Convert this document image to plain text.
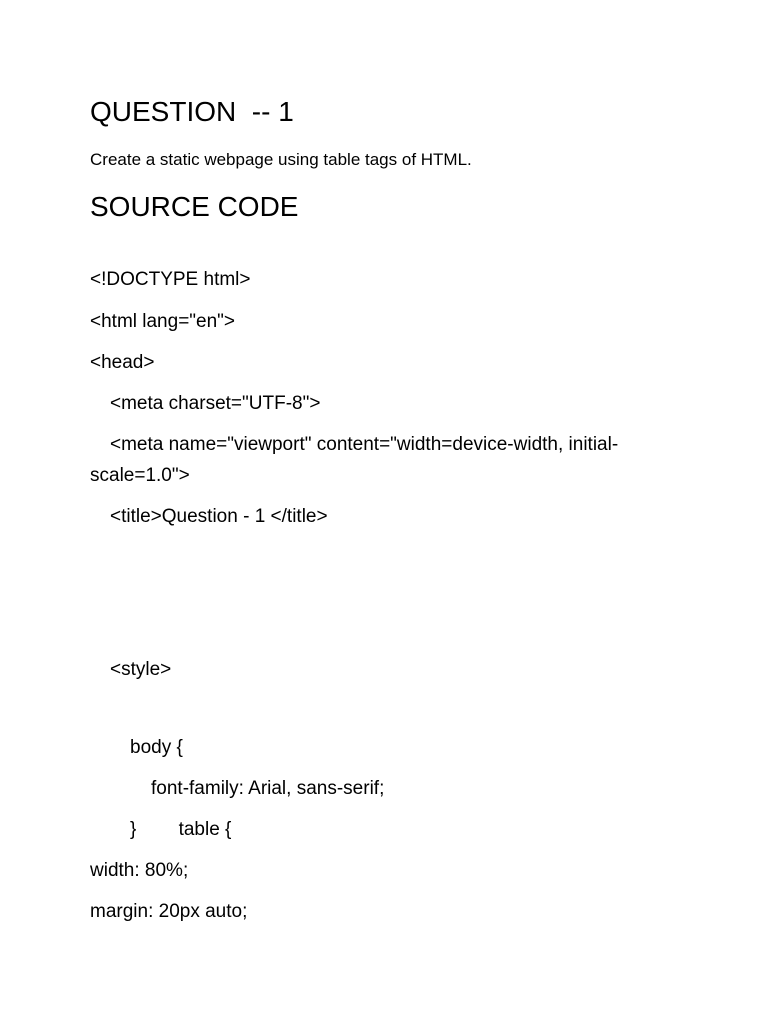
QUESTION  -- 1
Create a static webpage using table tags of HTML.
SOURCE CODE
<!DOCTYPE html>
<html lang="en">
<head>
<meta charset="UTF-8">
<meta name="viewport" content="width=device-width, initial-
scale=1.0">
<title>Question - 1 </title>
<style>
body {
font-family: Arial, sans-serif;
}        table {
width: 80%;
margin: 20px auto;
